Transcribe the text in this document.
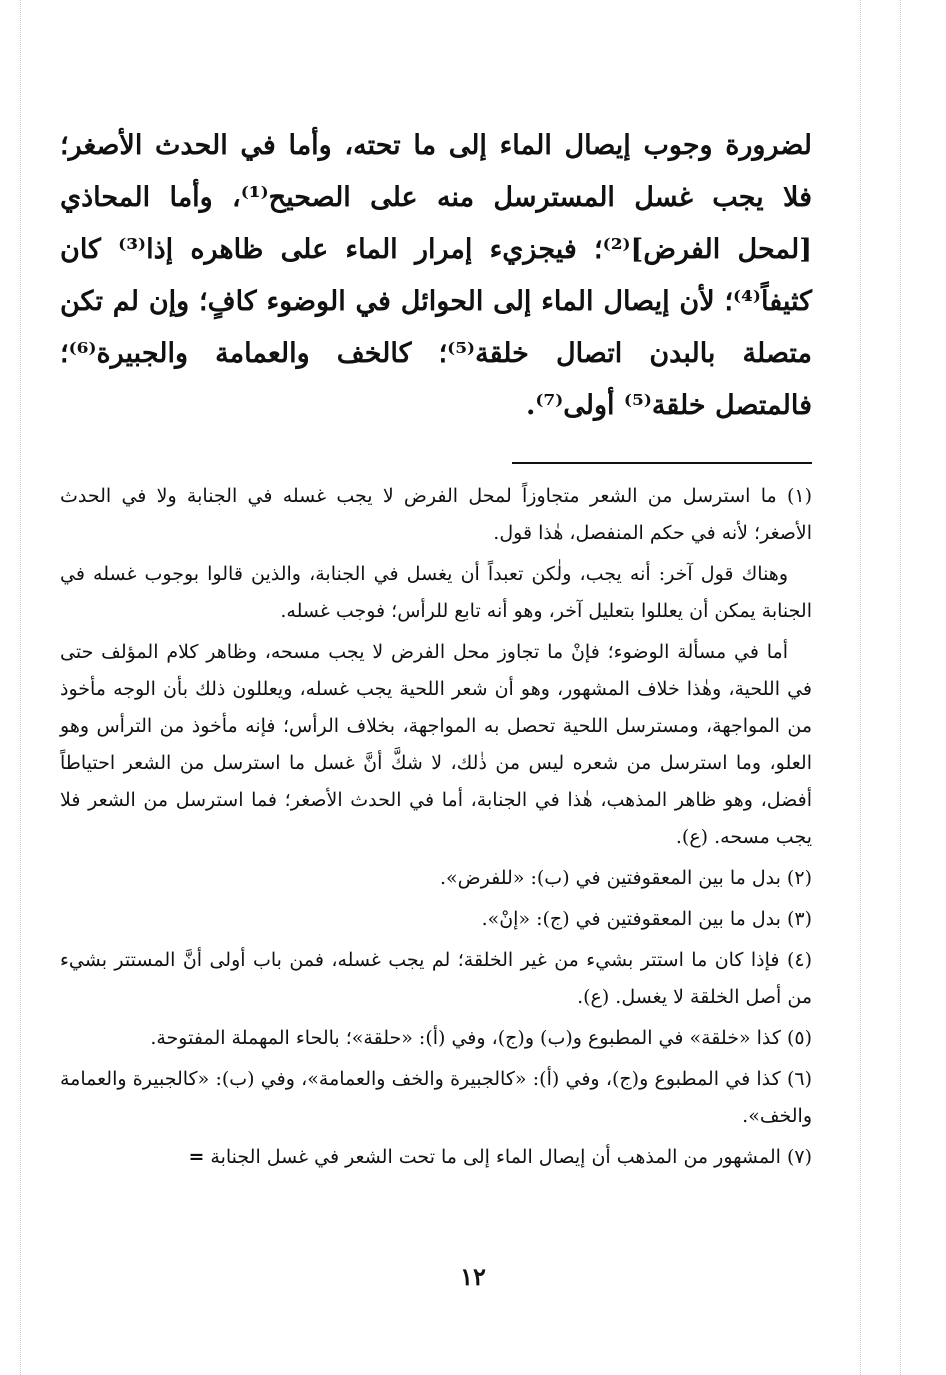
لضرورة وجوب إيصال الماء إلى ما تحته، وأما في الحدث الأصغر؛ فلا يجب غسل المسترسل منه على الصحيح⁽¹⁾، وأما المحاذي [لمحل الفرض]⁽²⁾؛ فيجزيء إمرار الماء على ظاهره إذا⁽³⁾ كان كثيفاً⁽⁴⁾؛ لأن إيصال الماء إلى الحوائل في الوضوء كافٍ؛ وإن لم تكن متصلة بالبدن اتصال خلقة⁽⁵⁾؛ كالخف والعمامة والجبيرة⁽⁶⁾؛ فالمتصل خلقة⁽⁵⁾ أولى⁽⁷⁾.

(١) ما استرسل من الشعر متجاوزاً لمحل الفرض لا يجب غسله في الجنابة ولا في الحدث الأصغر؛ لأنه في حكم المنفصل، هٰذا قول.

وهناك قول آخر: أنه يجب، ولٰكن تعبداً أن يغسل في الجنابة، والذين قالوا بوجوب غسله في الجنابة يمكن أن يعللوا بتعليل آخر، وهو أنه تابع للرأس؛ فوجب غسله.

أما في مسألة الوضوء؛ فإنْ ما تجاوز محل الفرض لا يجب مسحه، وظاهر كلام المؤلف حتى في اللحية، وهٰذا خلاف المشهور، وهو أن شعر اللحية يجب غسله، ويعللون ذلك بأن الوجه مأخوذ من المواجهة، ومسترسل اللحية تحصل به المواجهة، بخلاف الرأس؛ فإنه مأخوذ من الترأس وهو العلو، وما استرسل من شعره ليس من ذٰلك، لا شكَّ أنَّ غسل ما استرسل من الشعر احتياطاً أفضل، وهو ظاهر المذهب، هٰذا في الجنابة، أما في الحدث الأصغر؛ فما استرسل من الشعر فلا يجب مسحه. (ع).

(٢) بدل ما بين المعقوفتين في (ب): «للفرض».

(٣) بدل ما بين المعقوفتين في (ج): «إنْ».

(٤) فإذا كان ما استتر بشيء من غير الخلقة؛ لم يجب غسله، فمن باب أولى أنَّ المستتر بشيء من أصل الخلقة لا يغسل. (ع).

(٥) كذا «خلقة» في المطبوع و(ب) و(ج)، وفي (أ): «حلقة»؛ بالحاء المهملة المفتوحة.

(٦) كذا في المطبوع و(ج)، وفي (أ): «كالجبيرة والخف والعمامة»، وفي (ب): «كالجبيرة والعمامة والخف».

(٧) المشهور من المذهب أن إيصال الماء إلى ما تحت الشعر في غسل الجنابة =

١٢
